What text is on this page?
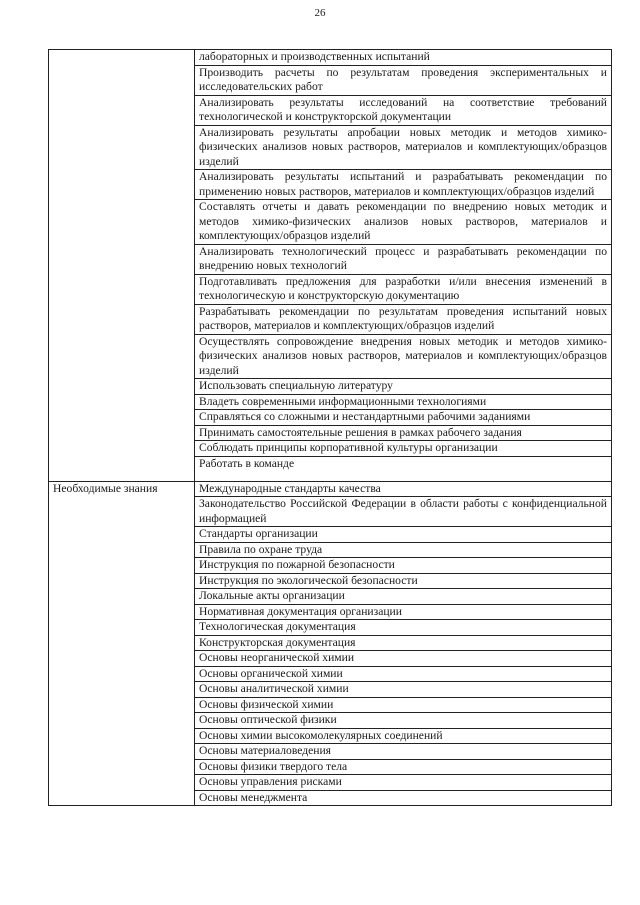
26
	лабораторных и производственных испытаний
	Производить расчеты по результатам проведения экспериментальных и исследовательских работ
	Анализировать результаты исследований на соответствие требований технологической и конструкторской документации
	Анализировать результаты апробации новых методик и методов химико-физических анализов новых растворов, материалов и комплектующих/образцов изделий
	Анализировать результаты испытаний и разрабатывать рекомендации по применению новых растворов, материалов и комплектующих/образцов изделий
	Составлять отчеты и давать рекомендации по внедрению новых методик и методов химико-физических анализов новых растворов, материалов и комплектующих/образцов изделий
	Анализировать технологический процесс и разрабатывать рекомендации по внедрению новых технологий
	Подготавливать предложения для разработки и/или внесения изменений в технологическую и конструкторскую документацию
	Разрабатывать рекомендации по результатам проведения испытаний новых растворов, материалов и комплектующих/образцов изделий
	Осуществлять сопровождение внедрения новых методик и методов химико-физических анализов новых растворов, материалов и комплектующих/образцов изделий
	Использовать специальную литературу
	Владеть современными информационными технологиями
	Справляться со сложными и нестандартными рабочими заданиями
	Принимать самостоятельные решения в рамках рабочего задания
	Соблюдать принципы корпоративной культуры организации
	Работать в команде
Необходимые знания	Международные стандарты качества
	Законодательство Российской Федерации в области работы с конфиденциальной информацией
	Стандарты организации
	Правила по охране труда
	Инструкция по пожарной безопасности
	Инструкция по экологической безопасности
	Локальные акты организации
	Нормативная документация организации
	Технологическая документация
	Конструкторская документация
	Основы неорганической химии
	Основы органической химии
	Основы аналитической химии
	Основы физической химии
	Основы оптической физики
	Основы химии высокомолекулярных соединений
	Основы материаловедения
	Основы физики твердого тела
	Основы управления рисками
	Основы менеджмента
